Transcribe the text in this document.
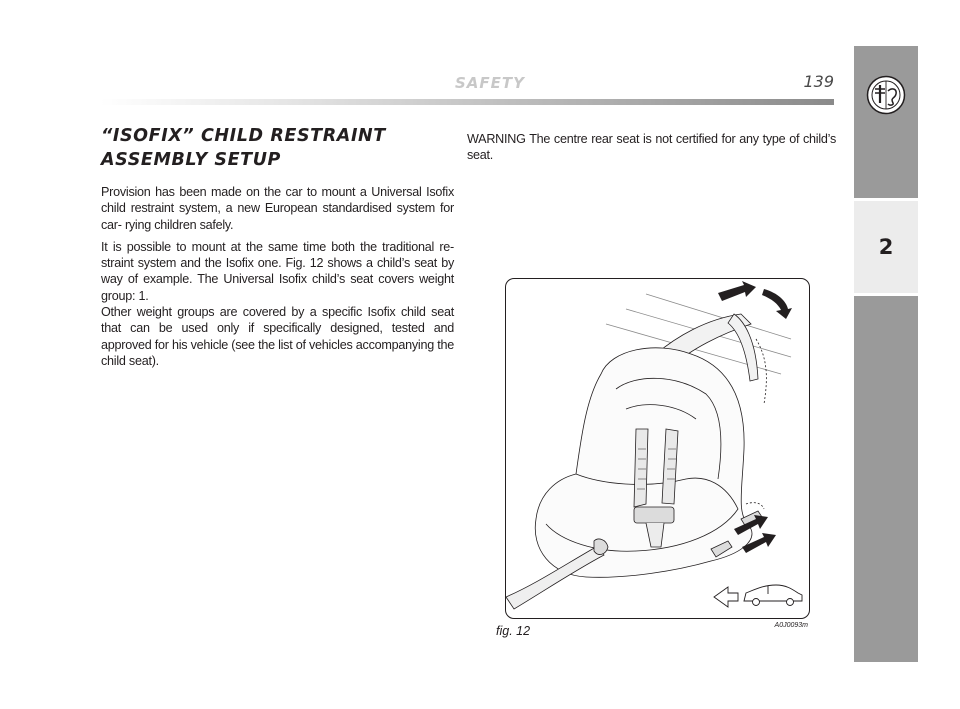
SAFETY	139
2
“ISOFIX” CHILD RESTRAINT
ASSEMBLY SETUP

Provision has been made on the car to mount a Universal Isofix child restraint system, a new European standardised system for car- rying children safely.

It is possible to mount at the same time both the traditional re- straint system and the Isofix one. Fig. 12 shows a child’s seat by way of example. The Universal Isofix child’s seat covers weight group: 1.

Other weight groups are covered by a specific Isofix child seat that can be used only if specifically designed, tested and approved for his vehicle (see the list of vehicles accompanying the child seat).

WARNING The centre rear seat is not certified for any type of child’s seat.

fig. 12	A0J0093m
